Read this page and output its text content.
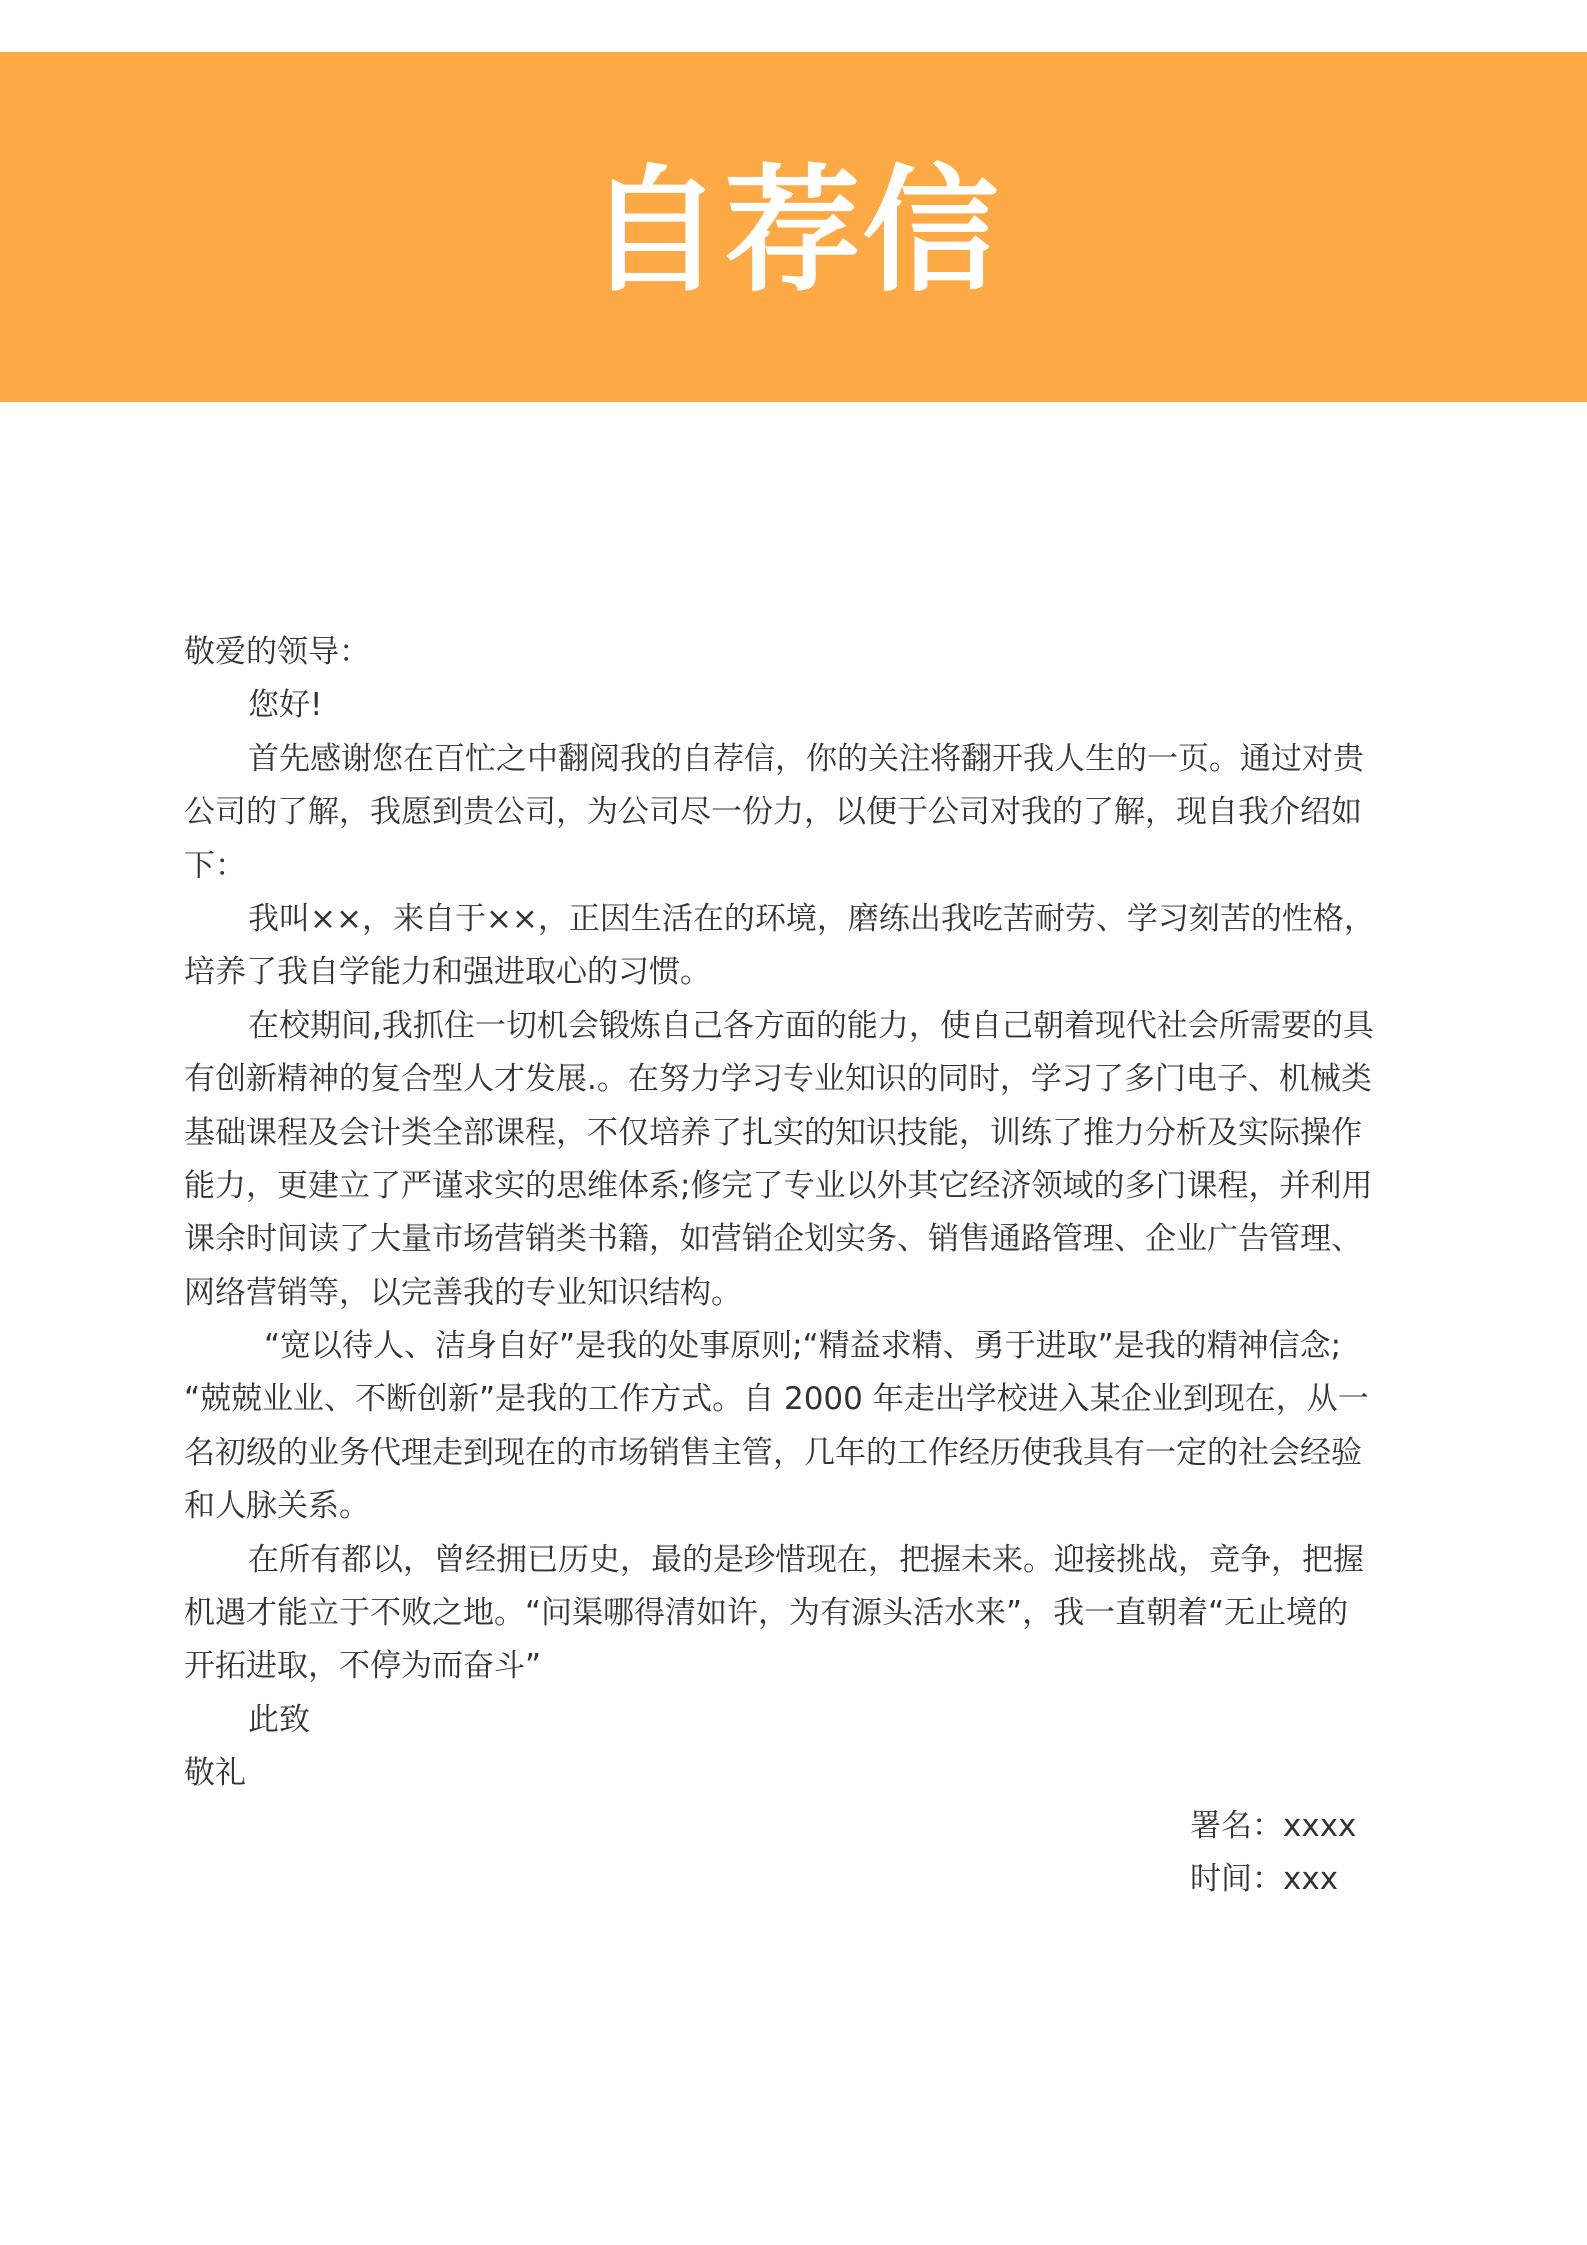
自荐信
敬爱的领导：
您好!
首先感谢您在百忙之中翻阅我的自荐信，你的关注将翻开我人生的一页。通过对贵
公司的了解，我愿到贵公司，为公司尽一份力，以便于公司对我的了解，现自我介绍如
下：
我叫××，来自于××，正因生活在的环境，磨练出我吃苦耐劳、学习刻苦的性格，
培养了我自学能力和强进取心的习惯。
在校期间,我抓住一切机会锻炼自己各方面的能力，使自己朝着现代社会所需要的具
有创新精神的复合型人才发展.。在努力学习专业知识的同时，学习了多门电子、机械类
基础课程及会计类全部课程，不仅培养了扎实的知识技能，训练了推力分析及实际操作
能力，更建立了严谨求实的思维体系;修完了专业以外其它经济领域的多门课程，并利用
课余时间读了大量市场营销类书籍，如营销企划实务、销售通路管理、企业广告管理、
网络营销等，以完善我的专业知识结构。
“宽以待人、洁身自好”是我的处事原则;“精益求精、勇于进取”是我的精神信念;
“兢兢业业、不断创新”是我的工作方式。自 2000 年走出学校进入某企业到现在，从一
名初级的业务代理走到现在的市场销售主管，几年的工作经历使我具有一定的社会经验
和人脉关系。
在所有都以，曾经拥已历史，最的是珍惜现在，把握未来。迎接挑战，竞争，把握
机遇才能立于不败之地。“问渠哪得清如许，为有源头活水来”，我一直朝着“无止境的
开拓进取，不停为而奋斗”
此致
敬礼
署名：xxxx
时间：xxx
